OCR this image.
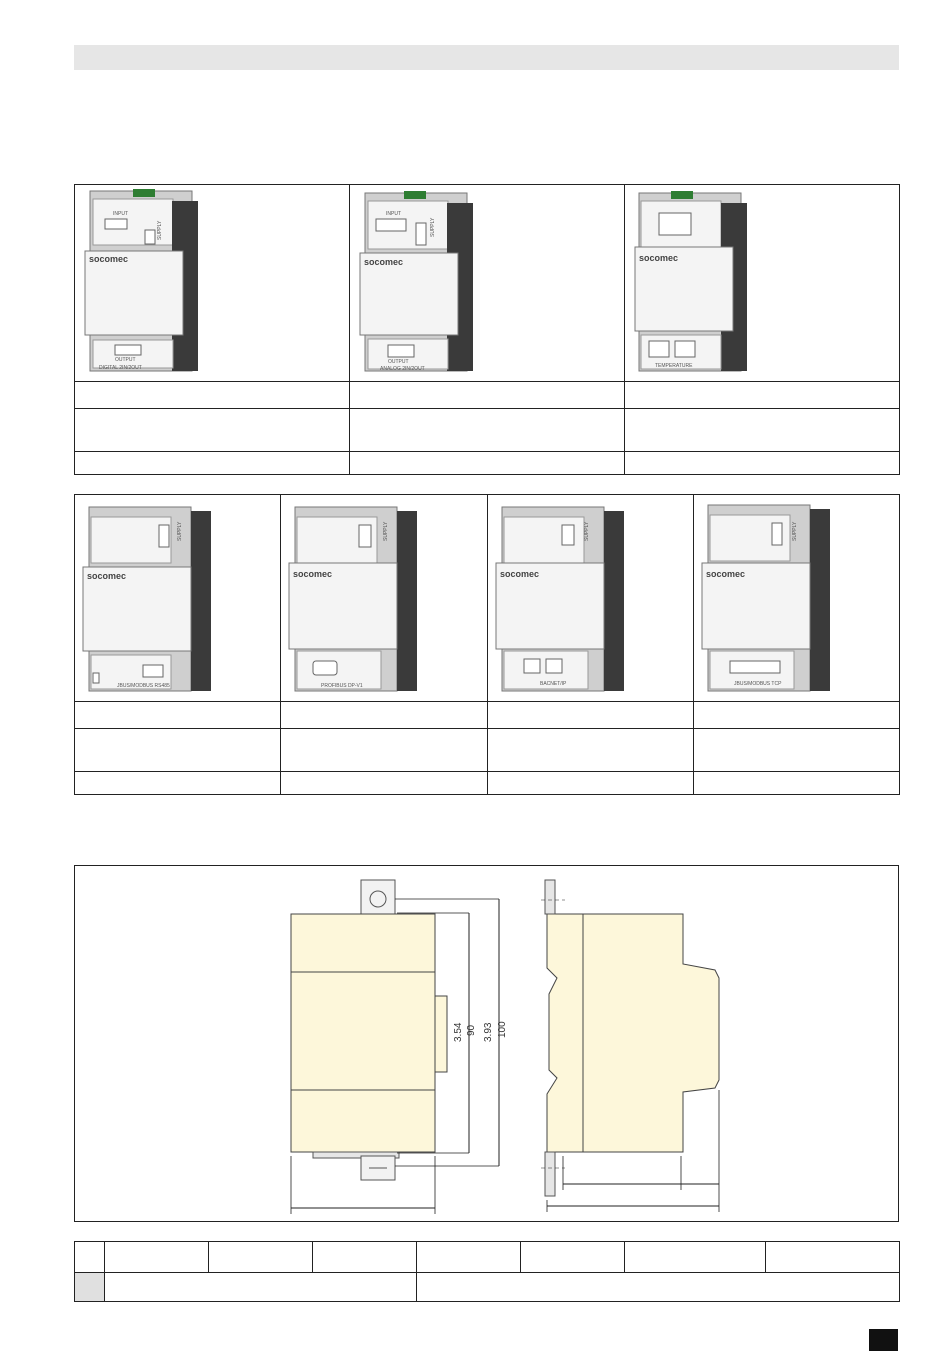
INPUT
SUPPLY
socomec
OUTPUT
DIGITAL 2IN/2OUT	INPUT
SUPPLY
socomec
OUTPUT
ANALOG 2IN/2OUT	socomec
TEMPERATURE

SUPPLY
socomec
JBUS/MODBUS RS485	SUPPLY
socomec
PROFIBUS DP-V1	SUPPLY
socomec
BACNET/IP	SUPPLY
socomec
JBUS/MODBUS TCP

3.54 90 3.93 100
